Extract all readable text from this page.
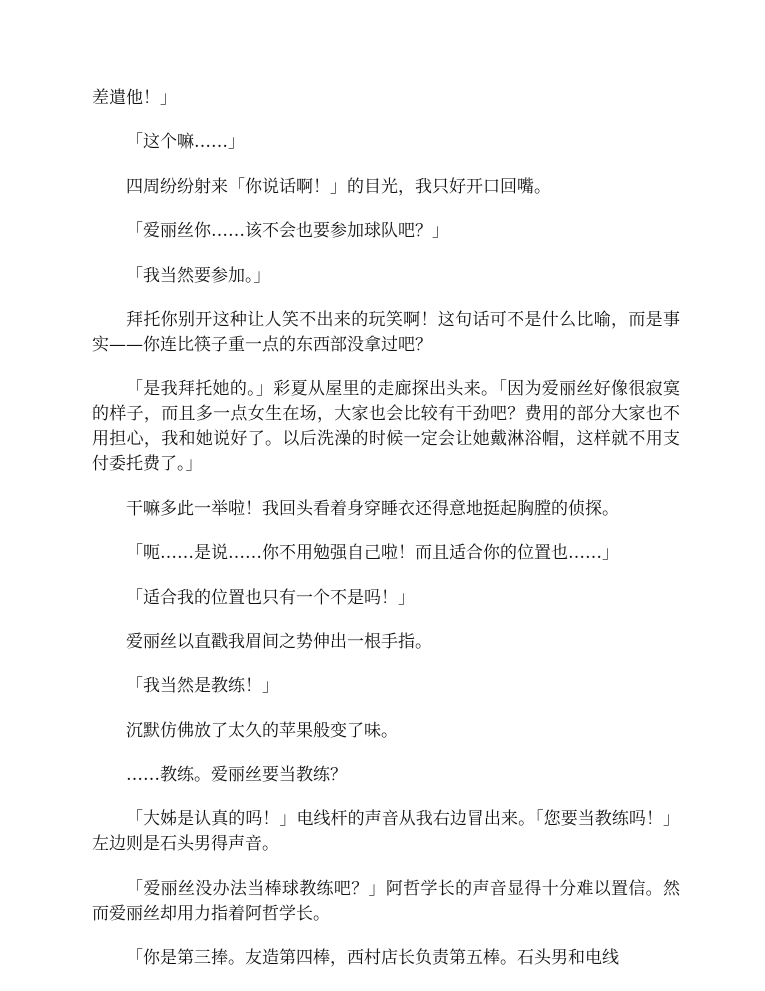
差遣他！」

「这个嘛……」

四周纷纷射来「你说话啊！」的目光，我只好开口回嘴。

「爱丽丝你……该不会也要参加球队吧？」

「我当然要参加。」

拜托你别开这种让人笑不出来的玩笑啊！这句话可不是什么比喻，而是事实——你连比筷子重一点的东西部没拿过吧？

「是我拜托她的。」彩夏从屋里的走廊探出头来。「因为爱丽丝好像很寂寞的样子，而且多一点女生在场，大家也会比较有干劲吧？费用的部分大家也不用担心，我和她说好了。以后洗澡的时候一定会让她戴淋浴帽，这样就不用支付委托费了。」

干嘛多此一举啦！我回头看着身穿睡衣还得意地挺起胸膛的侦探。

「呃……是说……你不用勉强自己啦！而且适合你的位置也……」

「适合我的位置也只有一个不是吗！」

爱丽丝以直戳我眉间之势伸出一根手指。

「我当然是教练！」

沉默仿佛放了太久的苹果般变了味。

……教练。爱丽丝要当教练？

「大姊是认真的吗！」电线杆的声音从我右边冒出来。「您要当教练吗！」左边则是石头男得声音。

「爱丽丝没办法当棒球教练吧？」阿哲学长的声音显得十分难以置信。然而爱丽丝却用力指着阿哲学长。

「你是第三捧。友造第四棒，西村店长负责第五棒。石头男和电线
